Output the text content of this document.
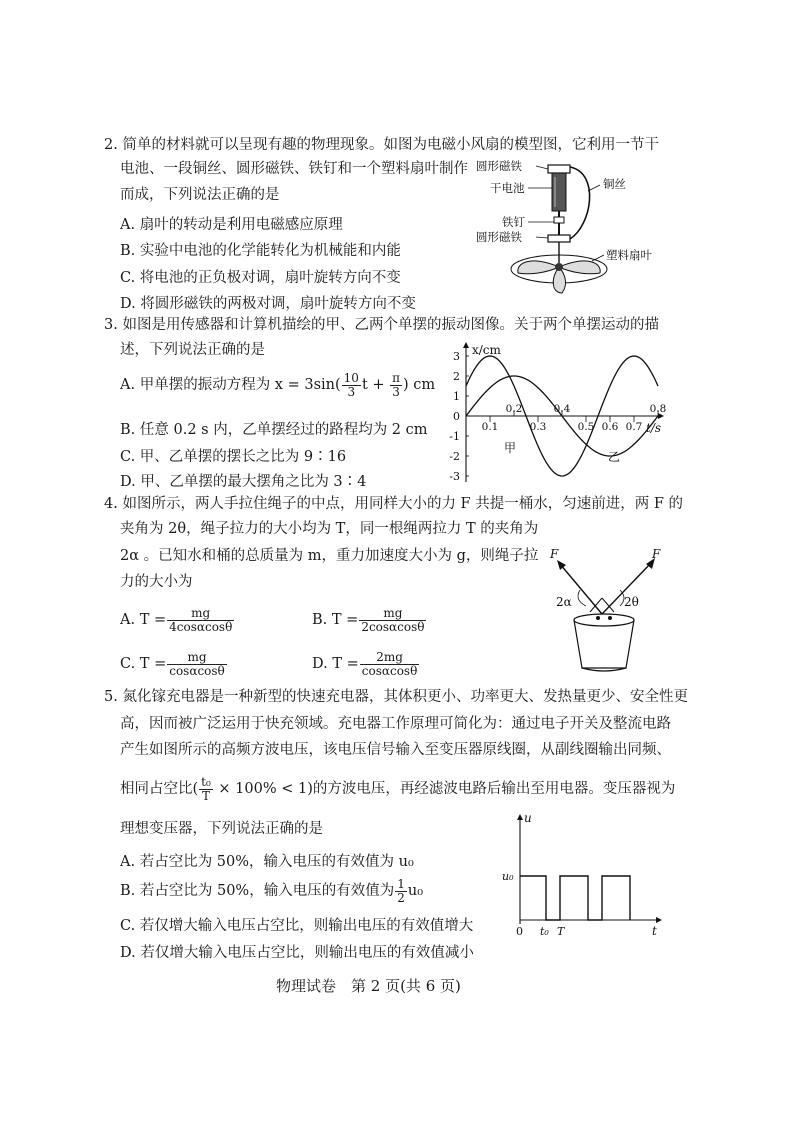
2. 简单的材料就可以呈现有趣的物理现象。如图为电磁小风扇的模型图，它利用一节干
电池、一段铜丝、圆形磁铁、铁钉和一个塑料扇叶制作
而成，下列说法正确的是
A. 扇叶的转动是利用电磁感应原理
B. 实验中电池的化学能转化为机械能和内能
C. 将电池的正负极对调，扇叶旋转方向不变
D. 将圆形磁铁的两极对调，扇叶旋转方向不变
圆形磁铁
干电池	铜丝
铁钉
圆形磁铁
塑料扇叶
3. 如图是用传感器和计算机描绘的甲、乙两个单摆的振动图像。关于两个单摆运动的描
述，下列说法正确的是
A. 甲单摆的振动方程为 $x = 3\sin( \frac{10}{3}$ $t + \frac{\pi}{3}$ ) cm
B. 任意 0.2 s 内，乙单摆经过的路程均为 2 cm
C. 甲、乙单摆的摆长之比为 9∶16
D. 甲、乙单摆的最大摆角之比为 3∶4
3
2
1
0
-1
-2
-3
0.2	0.4	0.8
0.1	0.3	0.5 0.6 0.7
x/cm
t/s
甲
乙
4. 如图所示，两人手拉住绳子的中点，用同样大小的力 F 共提一桶水，匀速前进，两 F 的
夹角为 2θ，绳子拉力的大小均为 T，同一根绳两拉力 T 的夹角为
2α 。已知水和桶的总质量为 m，重力加速度大小为 g，则绳子拉
力的大小为
A. $T = \frac{mg}{4\cos\alpha\cos\theta}$	B. $T = \frac{mg}{2\cos\alpha\cos\theta}$
C. $T = \frac{mg}{\cos\alpha\cos\theta}$	D. $T = \frac{2mg}{\cos\alpha\cos\theta}$
F	F
2α	2θ
5. 氮化镓充电器是一种新型的快速充电器，其体积更小、功率更大、发热量更少、安全性更
高，因而被广泛运用于快充领域。充电器工作原理可简化为：通过电子开关及整流电路
产生如图所示的高频方波电压，该电压信号输入至变压器原线圈，从副线圈输出同频、
相同占空比( $\frac{\text{t₀}}{T} \times 100\% < 1$)的方波电压，再经滤波电路后输出至用电器。变压器视为
理想变压器，下列说法正确的是
A. 若占空比为 50%，输入电压的有效值为 u₀
B. 若占空比为 50%，输入电压的有效值为 $\frac{1}{2} u_0$
C. 若仅增大输入电压占空比，则输出电压的有效值增大
D. 若仅增大输入电压占空比，则输出电压的有效值减小
u
u₀
0 t₀ T	t
物理试卷　第 2 页(共 6 页)
